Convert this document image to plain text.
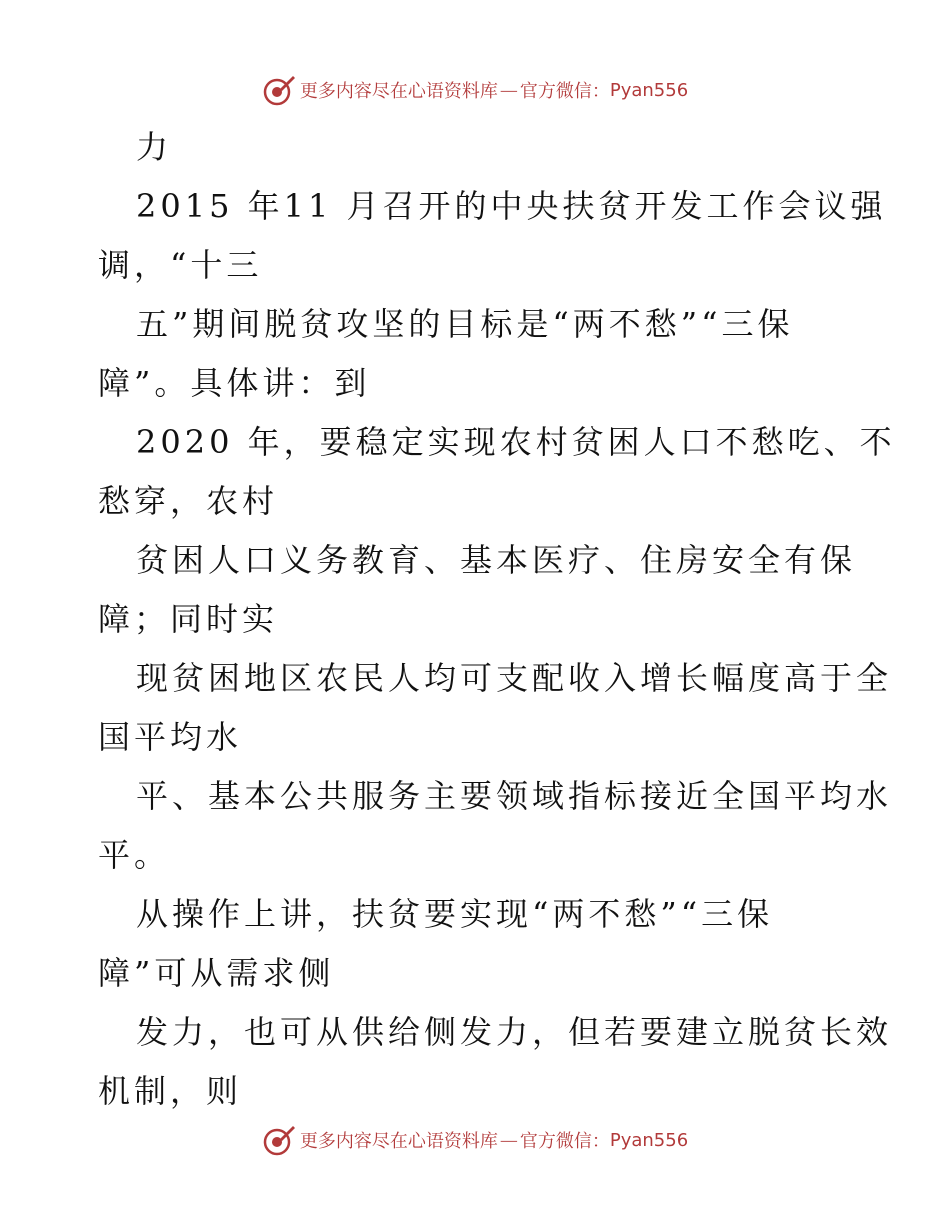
更多内容尽在心语资料库 — 官方微信： Pyan556
力
2015 年11 月召开的中央扶贫开发工作会议强
调，“十三
五”期间脱贫攻坚的目标是“两不愁”“三保
障”。具体讲：到
2020 年，要稳定实现农村贫困人口不愁吃、不
愁穿，农村
贫困人口义务教育、基本医疗、住房安全有保
障；同时实
现贫困地区农民人均可支配收入增长幅度高于全
国平均水
平、基本公共服务主要领域指标接近全国平均水
平。
从操作上讲，扶贫要实现“两不愁”“三保
障”可从需求侧
发力，也可从供给侧发力，但若要建立脱贫长效
机制，则
更多内容尽在心语资料库 — 官方微信： Pyan556
